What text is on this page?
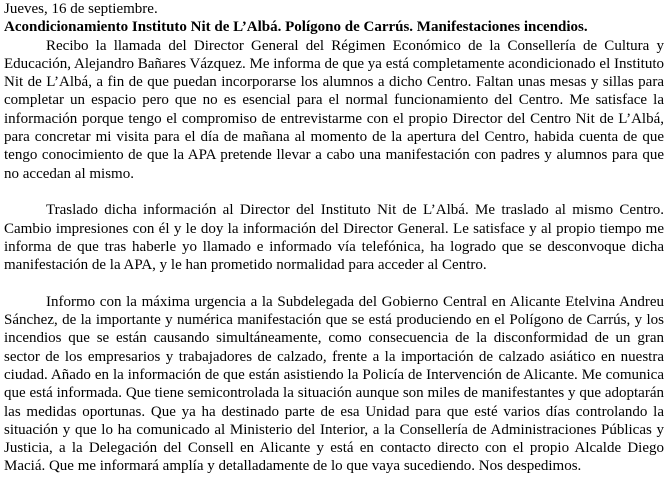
Jueves, 16 de septiembre.

Acondicionamiento Instituto Nit de L’Albá. Polígono de Carrús. Manifestaciones incendios.

Recibo la llamada del Director General del Régimen Económico de la Consellería de Cultura y Educación, Alejandro Bañares Vázquez. Me informa de que ya está completamente acondicionado el Instituto Nit de L’Albá, a fin de que puedan incorporarse los alumnos a dicho Centro. Faltan unas mesas y sillas para completar un espacio pero que no es esencial para el normal funcionamiento del Centro. Me satisface la información porque tengo el compromiso de entrevistarme con el propio Director del Centro Nit de L’Albá, para concretar mi visita para el día de mañana al momento de la apertura del Centro, habida cuenta de que tengo conocimiento de que la APA pretende llevar a cabo una manifestación con padres y alumnos para que no accedan al mismo.

Traslado dicha información al Director del Instituto Nit de L’Albá. Me traslado al mismo Centro. Cambio impresiones con él y le doy la información del Director General. Le satisface y al propio tiempo me informa de que tras haberle yo llamado e informado vía telefónica, ha logrado que se desconvoque dicha manifestación de la APA, y le han prometido normalidad para acceder al Centro.

Informo con la máxima urgencia a la Subdelegada del Gobierno Central en Alicante Etelvina Andreu Sánchez, de la importante y numérica manifestación que se está produciendo en el Polígono de Carrús, y los incendios que se están causando simultáneamente, como consecuencia de la disconformidad de un gran sector de los empresarios y trabajadores de calzado, frente a la importación de calzado asiático en nuestra ciudad. Añado en la información de que están asistiendo la Policía de Intervención de Alicante. Me comunica que está informada. Que tiene semicontrolada la situación aunque son miles de manifestantes y que adoptarán las medidas oportunas. Que ya ha destinado parte de esa Unidad para que esté varios días controlando la situación y que lo ha comunicado al Ministerio del Interior, a la Consellería de Administraciones Públicas y Justicia, a la Delegación del Consell en Alicante y está en contacto directo con el propio Alcalde Diego Maciá. Que me informará amplía y detalladamente de lo que vaya sucediendo. Nos despedimos.
